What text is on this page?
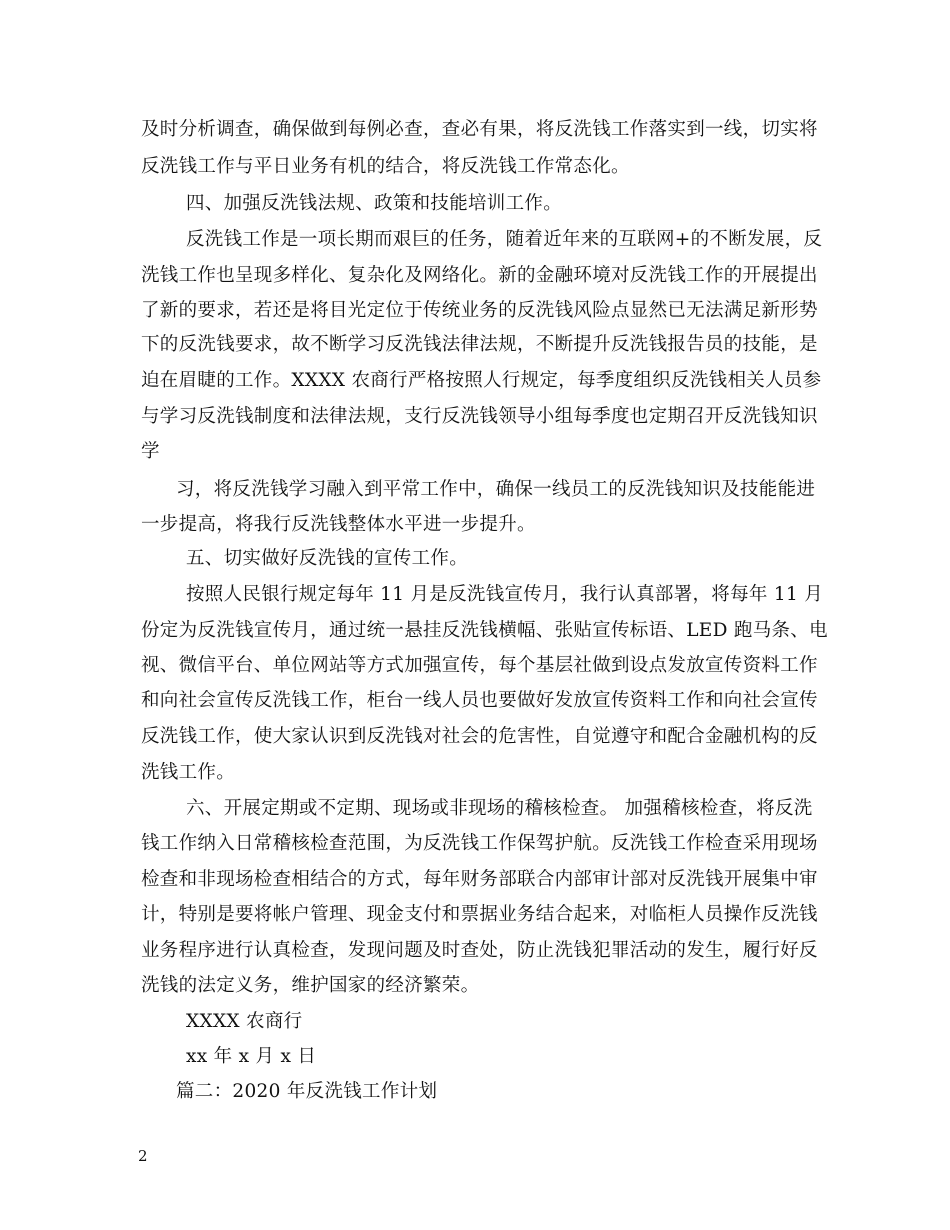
及时分析调查，确保做到每例必查，查必有果，将反洗钱工作落实到一线，切实将
反洗钱工作与平日业务有机的结合，将反洗钱工作常态化。
四、加强反洗钱法规、政策和技能培训工作。
反洗钱工作是一项长期而艰巨的任务，随着近年来的互联网+的不断发展，反
洗钱工作也呈现多样化、复杂化及网络化。新的金融环境对反洗钱工作的开展提出
了新的要求，若还是将目光定位于传统业务的反洗钱风险点显然已无法满足新形势
下的反洗钱要求，故不断学习反洗钱法律法规，不断提升反洗钱报告员的技能，是
迫在眉睫的工作。XXXX 农商行严格按照人行规定，每季度组织反洗钱相关人员参
与学习反洗钱制度和法律法规，支行反洗钱领导小组每季度也定期召开反洗钱知识
学
习，将反洗钱学习融入到平常工作中，确保一线员工的反洗钱知识及技能能进
一步提高，将我行反洗钱整体水平进一步提升。
五、切实做好反洗钱的宣传工作。
按照人民银行规定每年 11 月是反洗钱宣传月，我行认真部署，将每年 11 月
份定为反洗钱宣传月，通过统一悬挂反洗钱横幅、张贴宣传标语、LED 跑马条、电
视、微信平台、单位网站等方式加强宣传，每个基层社做到设点发放宣传资料工作
和向社会宣传反洗钱工作，柜台一线人员也要做好发放宣传资料工作和向社会宣传
反洗钱工作，使大家认识到反洗钱对社会的危害性，自觉遵守和配合金融机构的反
洗钱工作。
六、开展定期或不定期、现场或非现场的稽核检查。 加强稽核检查，将反洗
钱工作纳入日常稽核检查范围，为反洗钱工作保驾护航。反洗钱工作检查采用现场
检查和非现场检查相结合的方式，每年财务部联合内部审计部对反洗钱开展集中审
计，特别是要将帐户管理、现金支付和票据业务结合起来，对临柜人员操作反洗钱
业务程序进行认真检查，发现问题及时查处，防止洗钱犯罪活动的发生，履行好反
洗钱的法定义务，维护国家的经济繁荣。
XXXX 农商行
xx 年 x 月 x 日
篇二：2020 年反洗钱工作计划
2
